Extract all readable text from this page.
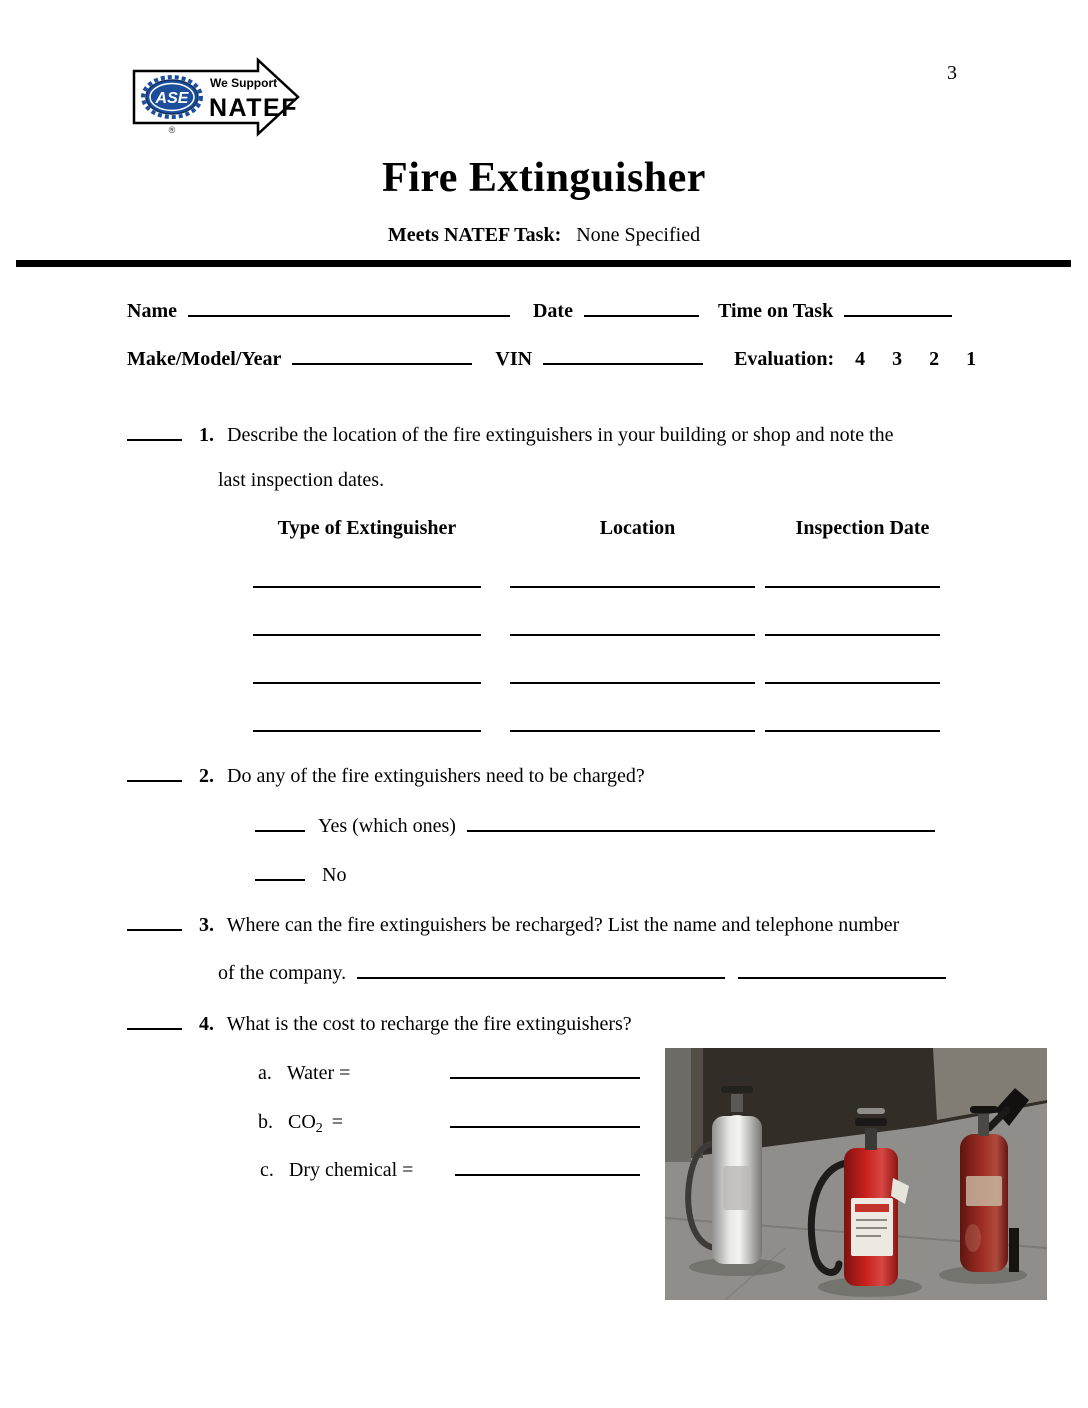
3
ASE
®
We Support
NATEF
Fire Extinguisher
Meets NATEF Task: None Specified
Name	Date	Time on Task
Make/Model/Year	VIN	Evaluation: 4 3 2 1
1. Describe the location of the fire extinguishers in your building or shop and note the
last inspection dates.
Type of Extinguisher	Location	Inspection Date
2. Do any of the fire extinguishers need to be charged?
Yes (which ones)
No
3. Where can the fire extinguishers be recharged? List the name and telephone number
of the company.
4. What is the cost to recharge the fire extinguishers?
a. Water =
b. $CO_2$ =
c. Dry chemical =
